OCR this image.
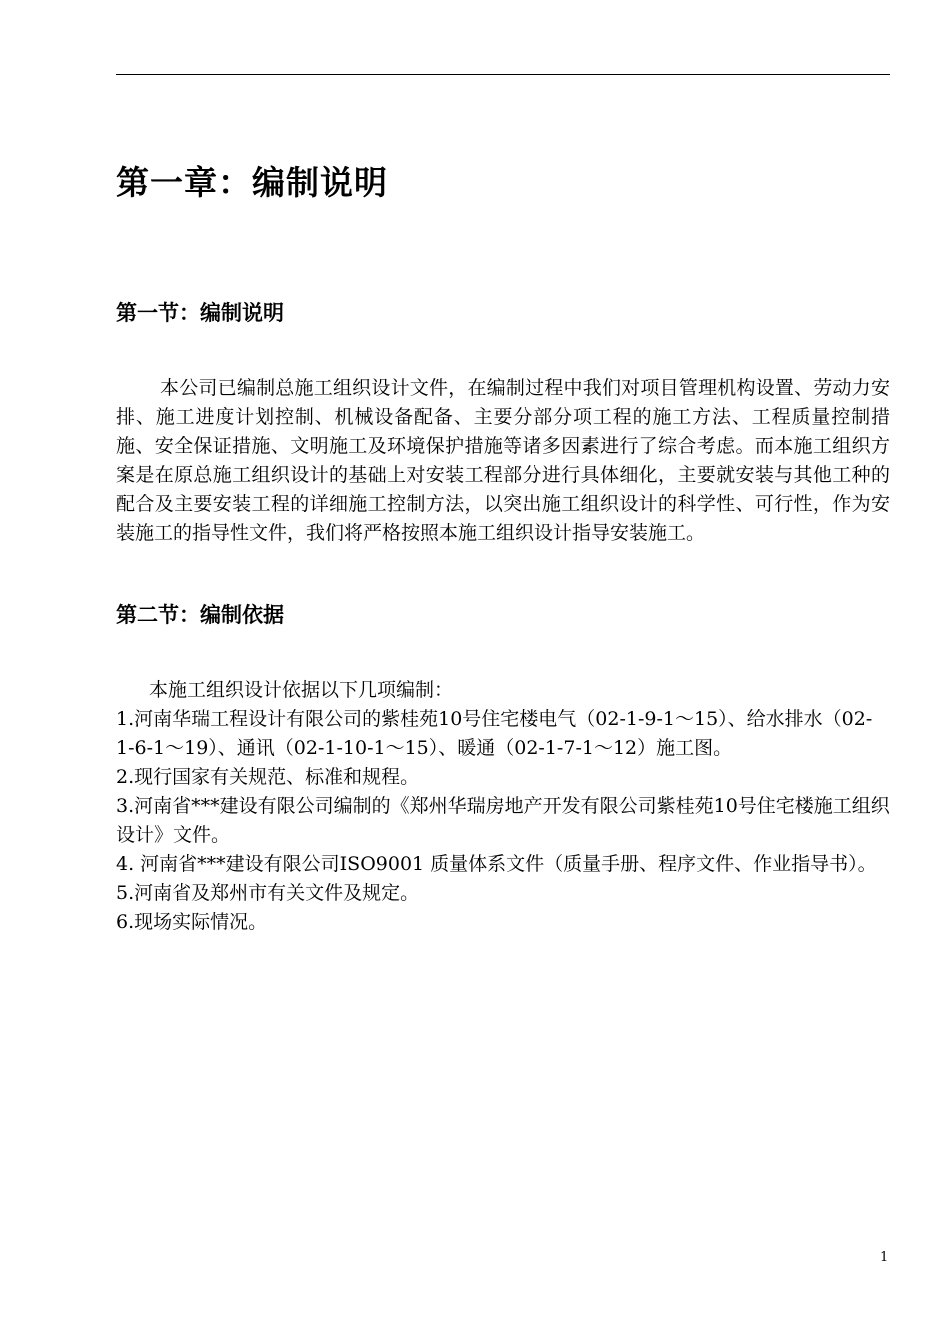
第一章：编制说明
第一节：编制说明

本公司已编制总施工组织设计文件，在编制过程中我们对项目管理机构设置、劳动力安排、施工进度计划控制、机械设备配备、主要分部分项工程的施工方法、工程质量控制措施、安全保证措施、文明施工及环境保护措施等诸多因素进行了综合考虑。而本施工组织方案是在原总施工组织设计的基础上对安装工程部分进行具体细化，主要就安装与其他工种的配合及主要安装工程的详细施工控制方法，以突出施工组织设计的科学性、可行性，作为安装施工的指导性文件，我们将严格按照本施工组织设计指导安装施工。

第二节：编制依据

本施工组织设计依据以下几项编制：

1.河南华瑞工程设计有限公司的紫桂苑10号住宅楼电气（02-1-9-1～15）、给水排水（02-1-6-1～19）、通讯（02-1-10-1～15）、暖通（02-1-7-1～12）施工图。
2.现行国家有关规范、标准和规程。
3.河南省***建设有限公司编制的《郑州华瑞房地产开发有限公司紫桂苑10号住宅楼施工组织设计》文件。
4. 河南省***建设有限公司ISO9001 质量体系文件（质量手册、程序文件、作业指导书）。
5.河南省及郑州市有关文件及规定。
6.现场实际情况。
1
